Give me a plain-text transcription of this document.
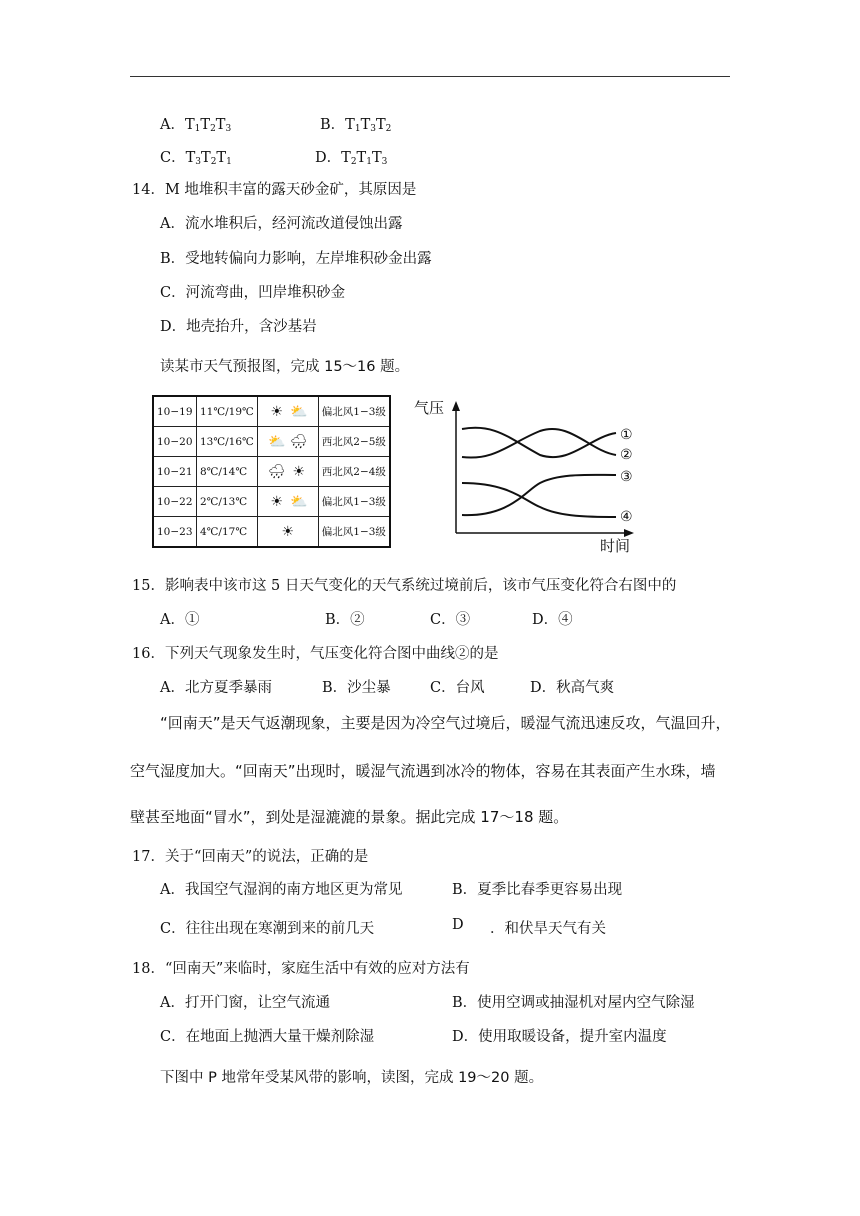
A．$T_1T_2T_3$	B．$T_1T_3T_2$
C．$T_3T_2T_1$	D．$T_2T_1T_3$
14．M 地堆积丰富的露天砂金矿，其原因是
A．流水堆积后，经河流改道侵蚀出露
B．受地转偏向力影响，左岸堆积砂金出露
C．河流弯曲，凹岸堆积砂金
D．地壳抬升，含沙基岩
读某市天气预报图，完成 15～16 题。
10−19	11℃/19℃	☀ ⛅	偏北风1−3级
10−20	13℃/16℃	⛅ 🌧	西北风2−5级
10−21	8℃/14℃	🌧 ☀	西北风2−4级
10−22	2℃/13℃	☀ ⛅	偏北风1−3级
10−23	4℃/17℃	☀	偏北风1−3级
气压
时间
①
②
③
④
15．影响表中该市这 5 日天气变化的天气系统过境前后，该市气压变化符合右图中的
A．①	B．②	C．③	D．④
16．下列天气现象发生时，气压变化符合图中曲线②的是
A．北方夏季暴雨	B．沙尘暴	C．台风	D．秋高气爽
“回南天”是天气返潮现象，主要是因为冷空气过境后，暖湿气流迅速反攻，气温回升，
空气湿度加大。“回南天”出现时，暖湿气流遇到冰冷的物体，容易在其表面产生水珠，墙
壁甚至地面“冒水”，到处是湿漉漉的景象。据此完成 17～18 题。
17．关于“回南天”的说法，正确的是
A．我国空气湿润的南方地区更为常见	B．夏季比春季更容易出现
C．往往出现在寒潮到来的前几天	D ．和伏旱天气有关
18．“回南天”来临时，家庭生活中有效的应对方法有
A．打开门窗，让空气流通	B．使用空调或抽湿机对屋内空气除湿
C．在地面上抛洒大量干燥剂除湿	D．使用取暖设备，提升室内温度
下图中 P 地常年受某风带的影响，读图，完成 19～20 题。
